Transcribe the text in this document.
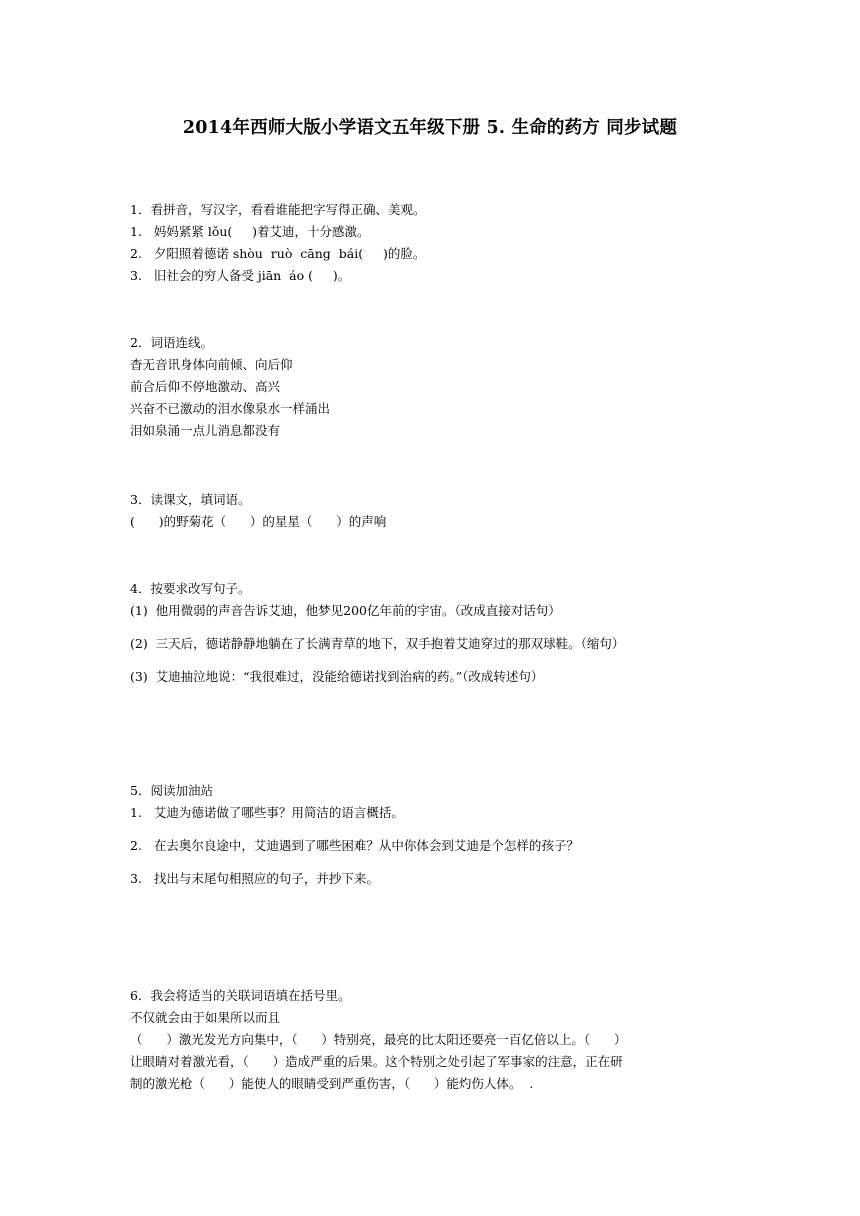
2014年西师大版小学语文五年级下册 5. 生命的药方 同步试题
1．看拼音，写汉字，看看谁能把字写得正确、美观。
1.   妈妈紧紧 lǒu(     )着艾迪，十分感激。
2.   夕阳照着德诺 shòu  ruò  cāng  bái(     )的脸。
3.   旧社会的穷人备受 jiān  áo (     )。
2．词语连线。
杳无音讯身体向前倾、向后仰
前合后仰不停地激动、高兴
兴奋不已激动的泪水像泉水一样涌出
泪如泉涌一点儿消息都没有
3．读课文，填词语。
(      )的野菊花（      ）的星星（      ）的声响
4．按要求改写句子。
(1)  他用微弱的声音告诉艾迪，他梦见200亿年前的宇宙。（改成直接对话句）
(2)  三天后，德诺静静地躺在了长满青草的地下，双手抱着艾迪穿过的那双球鞋。（缩句）
(3)  艾迪抽泣地说：“我很难过，没能给德诺找到治病的药。”（改成转述句）
5．阅读加油站
1.   艾迪为德诺做了哪些事？用简洁的语言概括。
2.   在去奥尔良途中，艾迪遇到了哪些困难？从中你体会到艾迪是个怎样的孩子？
3.   找出与末尾句相照应的句子，并抄下来。
6．我会将适当的关联词语填在括号里。
不仅就会由于如果所以而且
（      ）激光发光方向集中，（      ）特别亮，最亮的比太阳还要亮一百亿倍以上。（      ）
让眼睛对着激光看，（      ）造成严重的后果。这个特别之处引起了军事家的注意，正在研
制的激光枪（      ）能使人的眼睛受到严重伤害，（      ）能灼伤人体。  .
